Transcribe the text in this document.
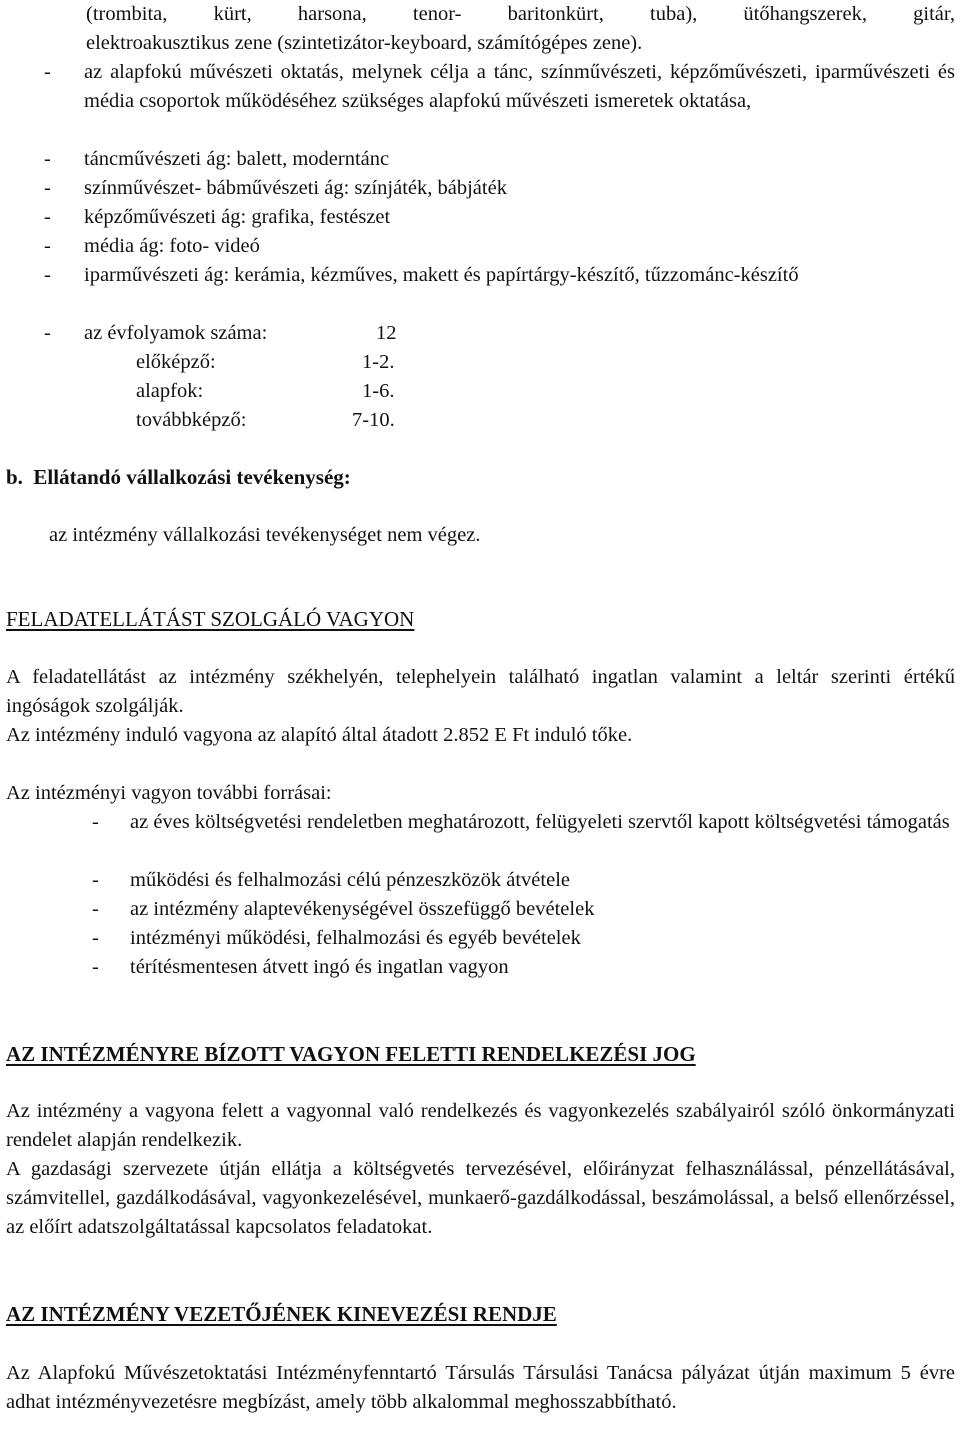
(trombita, kürt, harsona, tenor- baritonkürt, tuba), ütőhangszerek, gitár,
elektroakusztikus zene (szintetizátor-keyboard, számítógépes zene).
- az alapfokú művészeti oktatás, melynek célja a tánc, színművészeti, képzőművészeti, iparművészeti és média csoportok működéséhez szükséges alapfokú művészeti ismeretek oktatása,
- táncművészeti ág: balett, moderntánc
- színművészet- bábművészeti ág: színjáték, bábjáték
- képzőművészeti ág: grafika, festészet
- média ág: foto- videó
- iparművészeti ág: kerámia, kézműves, makett és papírtárgy-készítő, tűzzománc-készítő
- az évfolyamok száma:	12
előképző:	1-2.
alapfok:	1-6.
továbbképző:	7-10.
b.  Ellátandó vállalkozási tevékenység:
az intézmény vállalkozási tevékenységet nem végez.
FELADATELLÁTÁST SZOLGÁLÓ VAGYON
A feladatellátást az intézmény székhelyén, telephelyein található ingatlan valamint a leltár szerinti értékű ingóságok szolgálják.
Az intézmény induló vagyona az alapító által átadott 2.852 E Ft induló tőke.
Az intézményi vagyon további forrásai:
- az éves költségvetési rendeletben meghatározott, felügyeleti szervtől kapott költségvetési támogatás
- működési és felhalmozási célú pénzeszközök átvétele
- az intézmény alaptevékenységével összefüggő bevételek
- intézményi működési, felhalmozási és egyéb bevételek
- térítésmentesen átvett ingó és ingatlan vagyon
AZ INTÉZMÉNYRE BÍZOTT VAGYON FELETTI RENDELKEZÉSI JOG
Az intézmény a vagyona felett a vagyonnal való rendelkezés és vagyonkezelés szabályairól szóló önkormányzati rendelet alapján rendelkezik.
A gazdasági szervezete útján ellátja a költségvetés tervezésével, előirányzat felhasználással, pénzellátásával, számvitellel, gazdálkodásával, vagyonkezelésével, munkaerő-gazdálkodással, beszámolással, a belső ellenőrzéssel, az előírt adatszolgáltatással kapcsolatos feladatokat.
AZ INTÉZMÉNY VEZETŐJÉNEK KINEVEZÉSI RENDJE
Az Alapfokú Művészetoktatási Intézményfenntartó Társulás Társulási Tanácsa pályázat útján maximum 5 évre adhat intézményvezetésre megbízást, amely több alkalommal meghosszabbítható.
